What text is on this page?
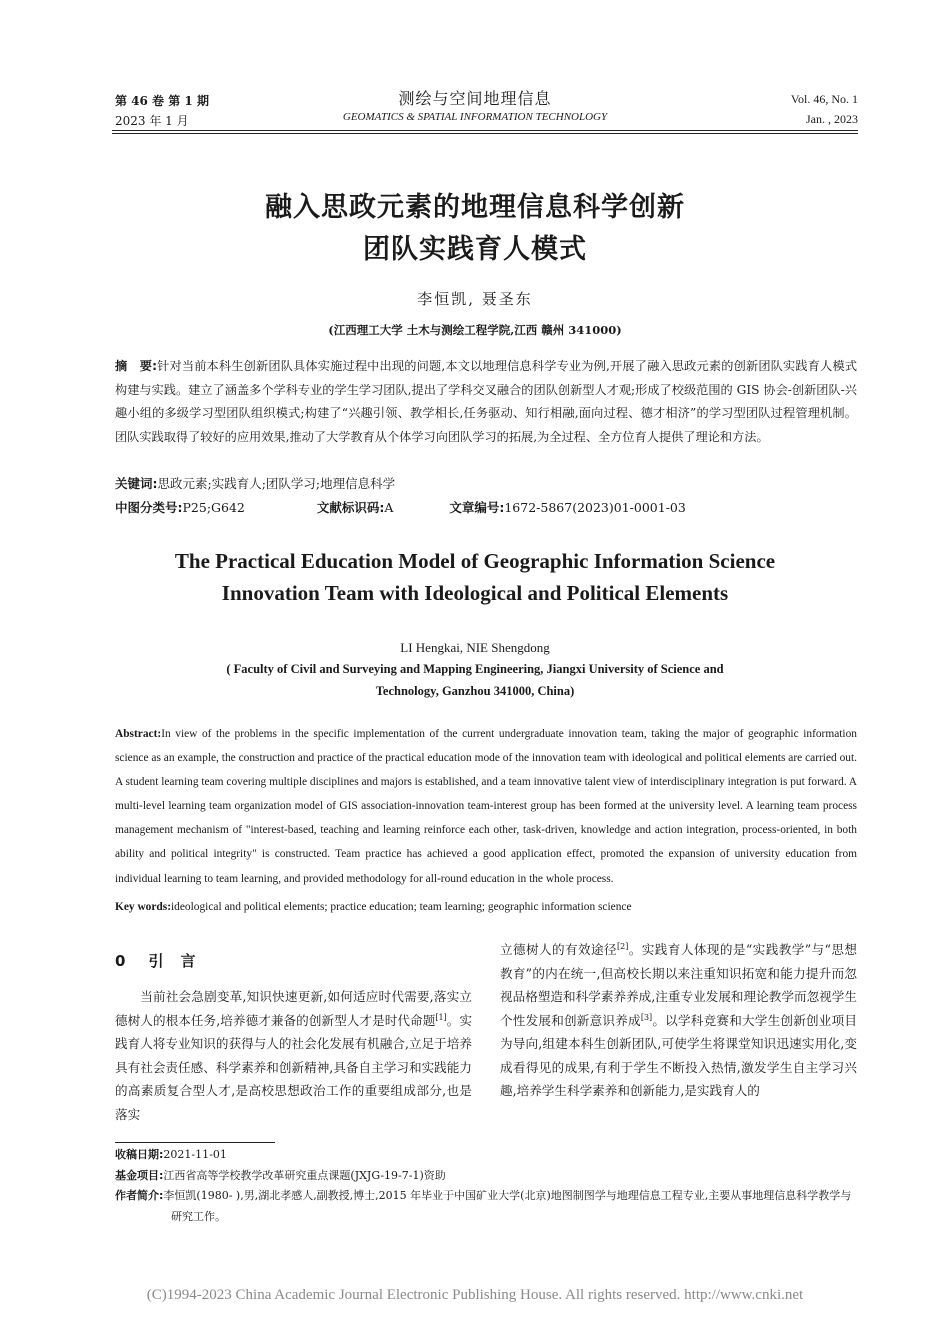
第 46 卷 第 1 期
2023 年 1 月
测绘与空间地理信息
GEOMATICS & SPATIAL INFORMATION TECHNOLOGY
Vol. 46, No. 1
Jan. , 2023
融入思政元素的地理信息科学创新
团队实践育人模式
李恒凯, 聂圣东
(江西理工大学 土木与测绘工程学院,江西 赣州 341000)
摘　要:针对当前本科生创新团队具体实施过程中出现的问题,本文以地理信息科学专业为例,开展了融入思政元素的创新团队实践育人模式构建与实践。建立了涵盖多个学科专业的学生学习团队,提出了学科交叉融合的团队创新型人才观;形成了校级范围的 GIS 协会-创新团队-兴趣小组的多级学习型团队组织模式;构建了“兴趣引领、教学相长,任务驱动、知行相融,面向过程、德才相济”的学习型团队过程管理机制。团队实践取得了较好的应用效果,推动了大学教育从个体学习向团队学习的拓展,为全过程、全方位育人提供了理论和方法。
关键词:思政元素;实践育人;团队学习;地理信息科学
中图分类号:P25;G642	文献标识码:A	文章编号:1672-5867(2023)01-0001-03
The Practical Education Model of Geographic Information Science
Innovation Team with Ideological and Political Elements
LI Hengkai, NIE Shengdong
( Faculty of Civil and Surveying and Mapping Engineering, Jiangxi University of Science and
Technology, Ganzhou 341000, China)
Abstract:In view of the problems in the specific implementation of the current undergraduate innovation team, taking the major of geographic information science as an example, the construction and practice of the practical education mode of the innovation team with ideological and political elements are carried out. A student learning team covering multiple disciplines and majors is established, and a team innovative talent view of interdisciplinary integration is put forward. A multi-level learning team organization model of GIS association-innovation team-interest group has been formed at the university level. A learning team process management mechanism of "interest-based, teaching and learning reinforce each other, task-driven, knowledge and action integration, process-oriented, in both ability and political integrity" is constructed. Team practice has achieved a good application effect, promoted the expansion of university education from individual learning to team learning, and provided methodology for all-round education in the whole process.
Key words:ideological and political elements; practice education; team learning; geographic information science
0 引　言

当前社会急剧变革,知识快速更新,如何适应时代需要,落实立德树人的根本任务,培养德才兼备的创新型人才是时代命题[1]。实践育人将专业知识的获得与人的社会化发展有机融合,立足于培养具有社会责任感、科学素养和创新精神,具备自主学习和实践能力的高素质复合型人才,是高校思想政治工作的重要组成部分,也是落实

立德树人的有效途径[2]。实践育人体现的是“实践教学”与“思想教育”的内在统一,但高校长期以来注重知识拓宽和能力提升而忽视品格塑造和科学素养养成,注重专业发展和理论教学而忽视学生个性发展和创新意识养成[3]。以学科竞赛和大学生创新创业项目为导向,组建本科生创新团队,可使学生将课堂知识迅速实用化,变成看得见的成果,有利于学生不断投入热情,激发学生自主学习兴趣,培养学生科学素养和创新能力,是实践育人的

收稿日期:2021-11-01
基金项目:江西省高等学校教学改革研究重点课题(JXJG-19-7-1)资助
作者简介:李恒凯(1980- ),男,湖北孝感人,副教授,博士,2015 年毕业于中国矿业大学(北京)地图制图学与地理信息工程专业,主要从事地理信息科学教学与研究工作。
(C)1994-2023 China Academic Journal Electronic Publishing House. All rights reserved. http://www.cnki.net
